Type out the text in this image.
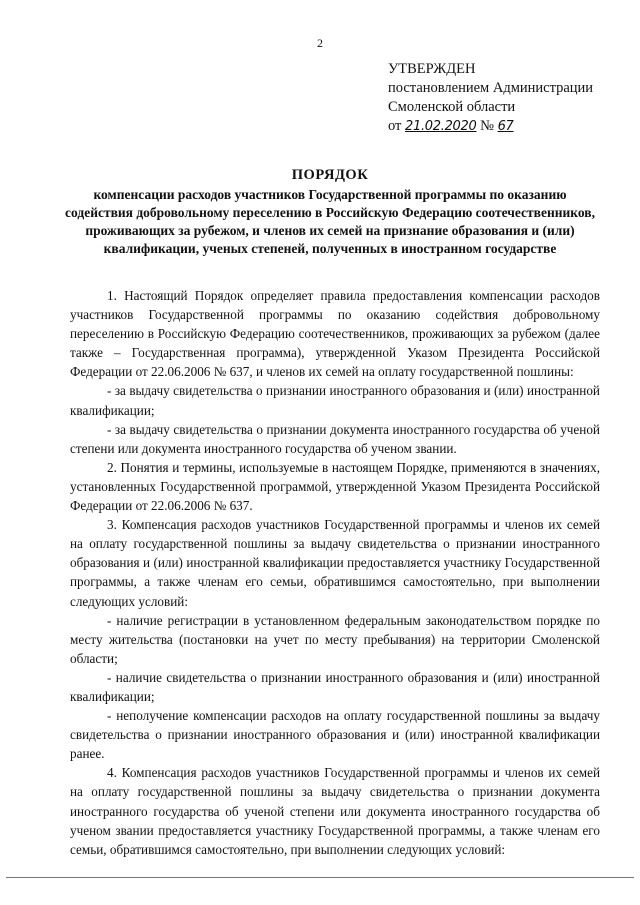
2
УТВЕРЖДЕН
постановлением Администрации
Смоленской области
от 21.02.2020 № 67
ПОРЯДОК
компенсации расходов участников Государственной программы по оказанию содействия добровольному переселению в Российскую Федерацию соотечественников, проживающих за рубежом, и членов их семей на признание образования и (или) квалификации, ученых степеней, полученных в иностранном государстве

1. Настоящий Порядок определяет правила предоставления компенсации расходов участников Государственной программы по оказанию содействия добровольному переселению в Российскую Федерацию соотечественников, проживающих за рубежом (далее также – Государственная программа), утвержденной Указом Президента Российской Федерации от 22.06.2006 № 637, и членов их семей на оплату государственной пошлины:

- за выдачу свидетельства о признании иностранного образования и (или) иностранной квалификации;

- за выдачу свидетельства о признании документа иностранного государства об ученой степени или документа иностранного государства об ученом звании.

2. Понятия и термины, используемые в настоящем Порядке, применяются в значениях, установленных Государственной программой, утвержденной Указом Президента Российской Федерации от 22.06.2006 № 637.

3. Компенсация расходов участников Государственной программы и членов их семей на оплату государственной пошлины за выдачу свидетельства о признании иностранного образования и (или) иностранной квалификации предоставляется участнику Государственной программы, а также членам его семьи, обратившимся самостоятельно, при выполнении следующих условий:

- наличие регистрации в установленном федеральным законодательством порядке по месту жительства (постановки на учет по месту пребывания) на территории Смоленской области;

- наличие свидетельства о признании иностранного образования и (или) иностранной квалификации;

- неполучение компенсации расходов на оплату государственной пошлины за выдачу свидетельства о признании иностранного образования и (или) иностранной квалификации ранее.

4. Компенсация расходов участников Государственной программы и членов их семей на оплату государственной пошлины за выдачу свидетельства о признании документа иностранного государства об ученой степени или документа иностранного государства об ученом звании предоставляется участнику Государственной программы, а также членам его семьи, обратившимся самостоятельно, при выполнении следующих условий:
